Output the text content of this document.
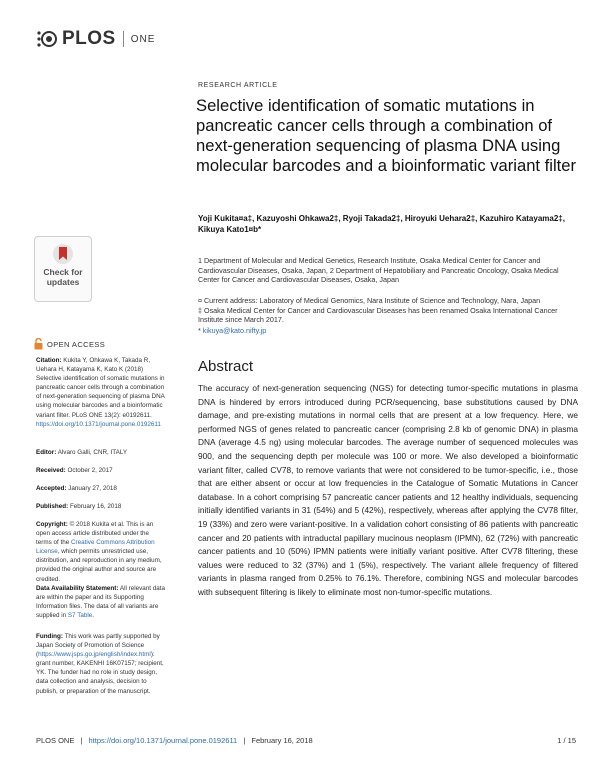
PLOS ONE
RESEARCH ARTICLE
Selective identification of somatic mutations in pancreatic cancer cells through a combination of next-generation sequencing of plasma DNA using molecular barcodes and a bioinformatic variant filter
Yoji Kukita¤a‡, Kazuyoshi Ohkawa2‡, Ryoji Takada2‡, Hiroyuki Uehara2‡, Kazuhiro Katayama2‡, Kikuya Kato1¤b*
1 Department of Molecular and Medical Genetics, Research Institute, Osaka Medical Center for Cancer and Cardiovascular Diseases, Osaka, Japan, 2 Department of Hepatobiliary and Pancreatic Oncology, Osaka Medical Center for Cancer and Cardiovascular Diseases, Osaka, Japan
¤ Current address: Laboratory of Medical Genomics, Nara Institute of Science and Technology, Nara, Japan
‡ Osaka Medical Center for Cancer and Cardiovascular Diseases has been renamed Osaka International Cancer Institute since March 2017.
* kikuya@kato.nifty.jp
Abstract
The accuracy of next-generation sequencing (NGS) for detecting tumor-specific mutations in plasma DNA is hindered by errors introduced during PCR/sequencing, base substitutions caused by DNA damage, and pre-existing mutations in normal cells that are present at a low frequency. Here, we performed NGS of genes related to pancreatic cancer (comprising 2.8 kb of genomic DNA) in plasma DNA (average 4.5 ng) using molecular barcodes. The average number of sequenced molecules was 900, and the sequencing depth per molecule was 100 or more. We also developed a bioinformatic variant filter, called CV78, to remove variants that were not considered to be tumor-specific, i.e., those that are either absent or occur at low frequencies in the Catalogue of Somatic Mutations in Cancer database. In a cohort comprising 57 pancreatic cancer patients and 12 healthy individuals, sequencing initially identified variants in 31 (54%) and 5 (42%), respectively, whereas after applying the CV78 filter, 19 (33%) and zero were variant-positive. In a validation cohort consisting of 86 patients with pancreatic cancer and 20 patients with intraductal papillary mucinous neoplasm (IPMN), 62 (72%) with pancreatic cancer patients and 10 (50%) IPMN patients were initially variant positive. After CV78 filtering, these values were reduced to 32 (37%) and 1 (5%), respectively. The variant allele frequency of filtered variants in plasma ranged from 0.25% to 76.1%. Therefore, combining NGS and molecular barcodes with subsequent filtering is likely to eliminate most non-tumor-specific mutations.
Check for updates
OPEN ACCESS
Citation: Kukita Y, Ohkawa K, Takada R, Uehara H, Katayama K, Kato K (2018) Selective identification of somatic mutations in pancreatic cancer cells through a combination of next-generation sequencing of plasma DNA using molecular barcodes and a bioinformatic variant filter. PLoS ONE 13(2): e0192611. https://doi.org/10.1371/journal.pone.0192611
Editor: Alvaro Galli, CNR, ITALY
Received: October 2, 2017
Accepted: January 27, 2018
Published: February 16, 2018
Copyright: © 2018 Kukita et al. This is an open access article distributed under the terms of the Creative Commons Attribution License, which permits unrestricted use, distribution, and reproduction in any medium, provided the original author and source are credited.
Data Availability Statement: All relevant data are within the paper and its Supporting Information files. The data of all variants are supplied in S7 Table.
Funding: This work was partly supported by Japan Society of Promotion of Science (https://www.jsps.go.jp/english/index.html): grant number, KAKENHI 16K07157; recipient, YK. The funder had no role in study design, data collection and analysis, decision to publish, or preparation of the manuscript.
PLOS ONE | https://doi.org/10.1371/journal.pone.0192611 | February 16, 2018	1 / 15
